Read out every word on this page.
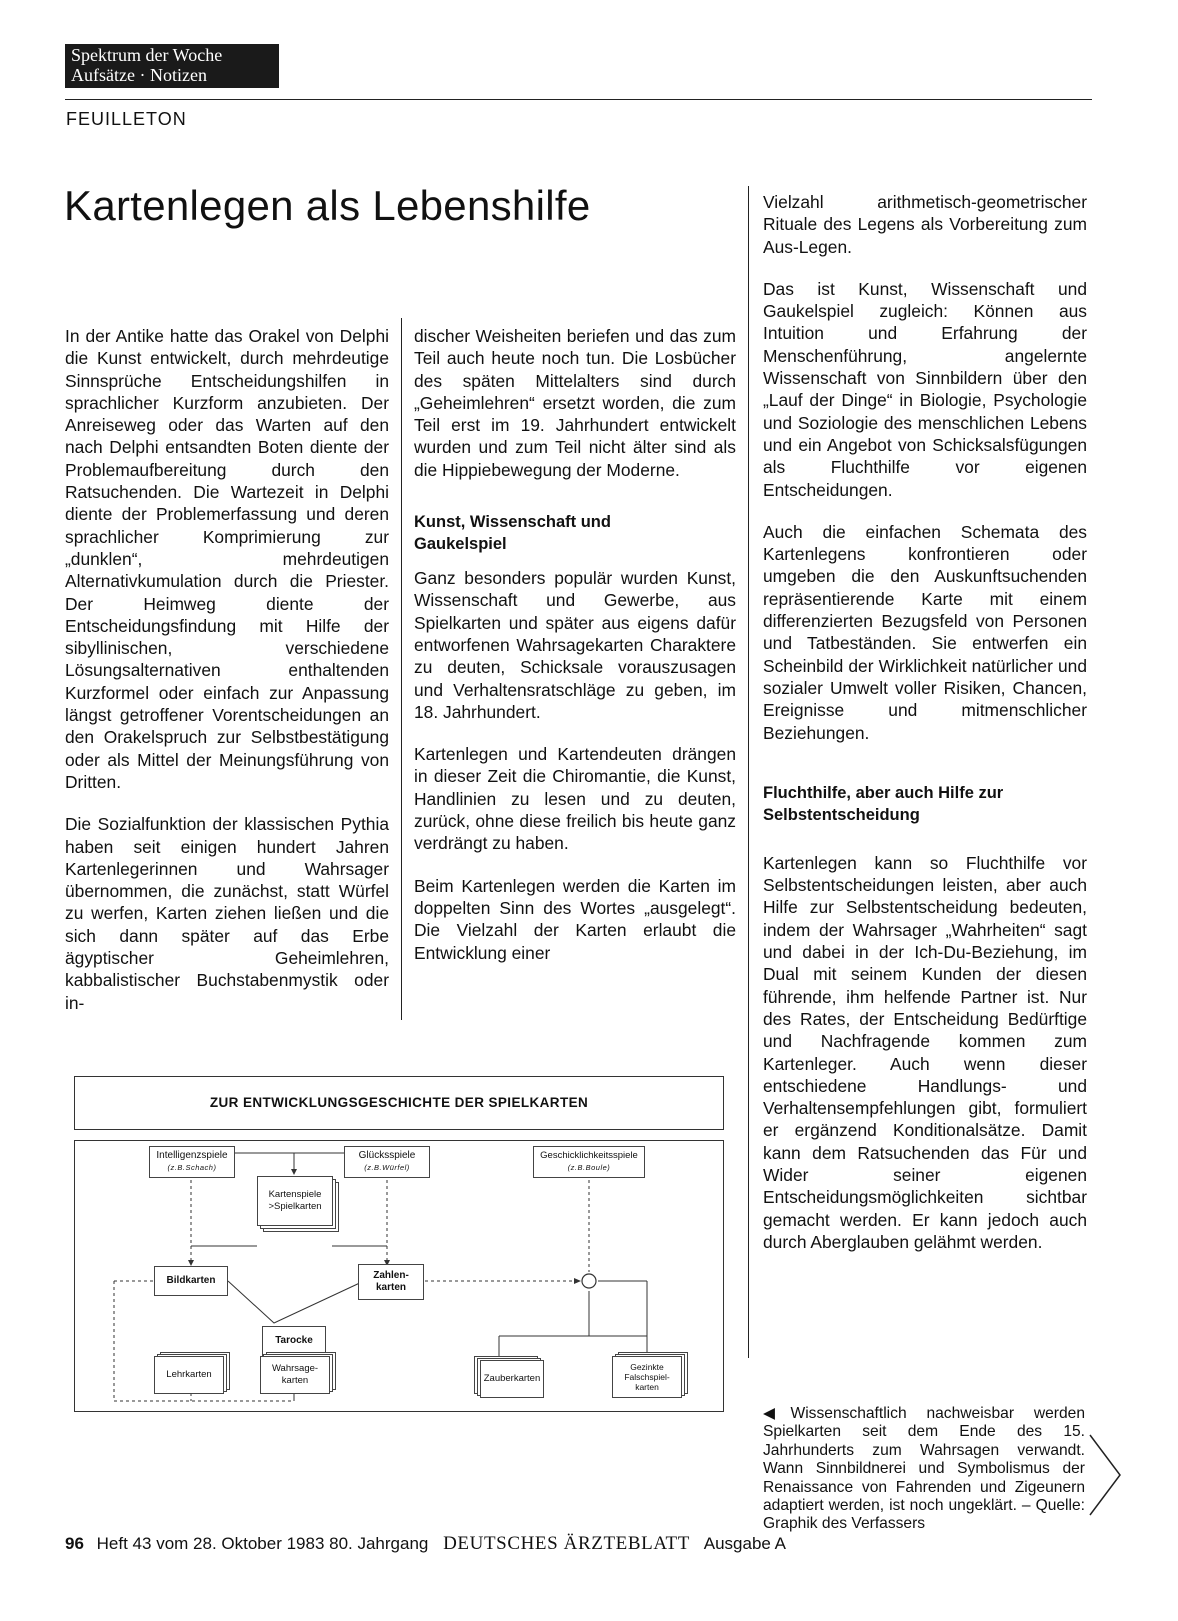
Spektrum der Woche
Aufsätze · Notizen
FEUILLETON
Kartenlegen als Lebenshilfe

In der Antike hatte das Orakel von Delphi die Kunst entwickelt, durch mehrdeutige Sinnsprüche Entscheidungshilfen in sprachlicher Kurzform anzubieten. Der Anreiseweg oder das Warten auf den nach Delphi entsandten Boten diente der Problemaufbereitung durch den Ratsuchenden. Die Wartezeit in Delphi diente der Problemerfassung und deren sprachlicher Komprimierung zur „dunklen“, mehrdeutigen Alternativkumulation durch die Priester. Der Heimweg diente der Entscheidungsfindung mit Hilfe der sibyllinischen, verschiedene Lösungsalternativen enthaltenden Kurzformel oder einfach zur Anpassung längst getroffener Vorentscheidungen an den Orakelspruch zur Selbstbestätigung oder als Mittel der Meinungsführung von Dritten.

Die Sozialfunktion der klassischen Pythia haben seit einigen hundert Jahren Kartenlegerinnen und Wahrsager übernommen, die zunächst, statt Würfel zu werfen, Karten ziehen ließen und die sich dann später auf das Erbe ägyptischer Geheimlehren, kabbalistischer Buchstabenmystik oder in-

discher Weisheiten beriefen und das zum Teil auch heute noch tun. Die Losbücher des späten Mittelalters sind durch „Geheimlehren“ ersetzt worden, die zum Teil erst im 19. Jahrhundert entwickelt wurden und zum Teil nicht älter sind als die Hippiebewegung der Moderne.

Kunst, Wissenschaft und Gaukelspiel

Ganz besonders populär wurden Kunst, Wissenschaft und Gewerbe, aus Spielkarten und später aus eigens dafür entworfenen Wahrsagekarten Charaktere zu deuten, Schicksale vorauszusagen und Verhaltensratschläge zu geben, im 18. Jahrhundert.

Kartenlegen und Kartendeuten drängen in dieser Zeit die Chiromantie, die Kunst, Handlinien zu lesen und zu deuten, zurück, ohne diese freilich bis heute ganz verdrängt zu haben.

Beim Kartenlegen werden die Karten im doppelten Sinn des Wortes „ausgelegt“. Die Vielzahl der Karten erlaubt die Entwicklung einer

Vielzahl arithmetisch-geometrischer Rituale des Legens als Vorbereitung zum Aus-Legen.

Das ist Kunst, Wissenschaft und Gaukelspiel zugleich: Können aus Intuition und Erfahrung der Menschenführung, angelernte Wissenschaft von Sinnbildern über den „Lauf der Dinge“ in Biologie, Psychologie und Soziologie des menschlichen Lebens und ein Angebot von Schicksalsfügungen als Fluchthilfe vor eigenen Entscheidungen.

Auch die einfachen Schemata des Kartenlegens konfrontieren oder umgeben die den Auskunftsuchenden repräsentierende Karte mit einem differenzierten Bezugsfeld von Personen und Tatbeständen. Sie entwerfen ein Scheinbild der Wirklichkeit natürlicher und sozialer Umwelt voller Risiken, Chancen, Ereignisse und mitmenschlicher Beziehungen.

Fluchthilfe, aber auch Hilfe zur Selbstentscheidung

Kartenlegen kann so Fluchthilfe vor Selbstentscheidungen leisten, aber auch Hilfe zur Selbstentscheidung bedeuten, indem der Wahrsager „Wahrheiten“ sagt und dabei in der Ich-Du-Beziehung, im Dual mit seinem Kunden der diesen führende, ihm helfende Partner ist. Nur des Rates, der Entscheidung Bedürftige und Nachfragende kommen zum Kartenleger. Auch wenn dieser entschiedene Handlungs- und Verhaltensempfehlungen gibt, formuliert er ergänzend Konditionalsätze. Damit kann dem Ratsuchenden das Für und Wider seiner eigenen Entscheidungsmöglichkeiten sichtbar gemacht werden. Er kann jedoch auch durch Aberglauben gelähmt werden.

◀Wissenschaftlich nachweisbar werden Spielkarten seit dem Ende des 15. Jahrhunderts zum Wahrsagen verwandt. Wann Sinnbildnerei und Symbolismus der Renaissance von Fahrenden und Zigeunern adaptiert werden, ist noch ungeklärt. – Quelle: Graphik des Verfassers
ZUR ENTWICKLUNGSGESCHICHTE DER SPIELKARTEN
Intelligenzspiele
(z.B.Schach)
Glücksspiele
(z.B.Würfel)
Geschicklichkeitsspiele
(z.B.Boule)
Kartenspiele
>Spielkarten
Bildkarten	Zahlen-
karten
Tarocke
Lehrkarten
Wahrsage-
karten	Zauberkarten
Gezinkte
Falschspiel-
karten
96 Heft 43 vom 28. Oktober 1983 80. Jahrgang DEUTSCHES ÄRZTEBLATT Ausgabe A
